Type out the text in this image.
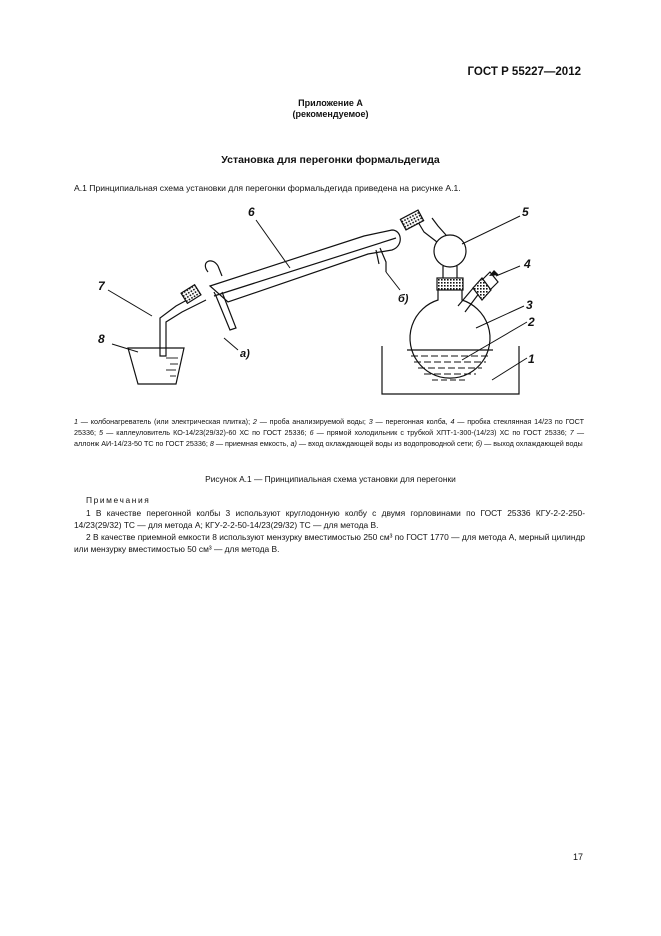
ГОСТ Р 55227—2012
Приложение А
(рекомендуемое)
Установка для перегонки формальдегида
А.1 Принципиальная схема установки для перегонки формальдегида приведена на рисунке А.1.
1
2
3
4
5
6
7
8
а)
б)
1 — колбонагреватель (или электрическая плитка); 2 — проба анализируемой воды; 3 — перегонная колба, 4 — пробка стеклянная 14/23 по ГОСТ 25336; 5 — каплеуловитель КО-14/23(29/32)-60 ХС по ГОСТ 25336; 6 — прямой холодильник с трубкой ХПТ-1-300-(14/23) ХС по ГОСТ 25336; 7 — аллонж АИ-14/23-50 ТС по ГОСТ 25336; 8 — приемная емкость, а) — вход охлаждающей воды из водопроводной сети; б) — выход охлаждающей воды
Рисунок А.1 — Принципиальная схема установки для перегонки
Примечания
1 В качестве перегонной колбы 3 используют круглодонную колбу с двумя горловинами по ГОСТ 25336 КГУ-2-2-250-14/23(29/32) ТС — для метода А; КГУ-2-2-50-14/23(29/32) ТС — для метода В.
2 В качестве приемной емкости 8 используют мензурку вместимостью 250 см³ по ГОСТ 1770 — для метода А, мерный цилиндр или мензурку вместимостью 50 см³ — для метода В.
17
